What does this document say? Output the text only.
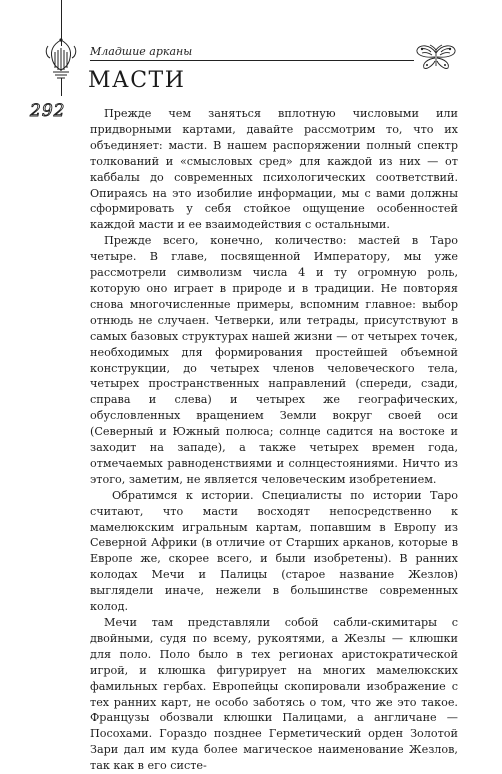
292
Младшие арканы
МАСТИ

Прежде чем заняться вплотную числовыми или придворными картами, давайте рассмотрим то, что их объединяет: масти. В нашем распоряжении полный спектр толкований и «смысловых сред» для каждой из них — от каббалы до современных психологических соответствий. Опираясь на это изобилие информации, мы с вами должны сформировать у себя стойкое ощущение особенностей каждой масти и ее взаимодействия с остальными.

Прежде всего, конечно, количество: мастей в Таро четыре. В главе, посвященной Императору, мы уже рассмотрели символизм числа 4 и ту огромную роль, которую оно играет в природе и в традиции. Не повторяя снова многочисленные примеры, вспомним главное: выбор отнюдь не случаен. Четверки, или тетрады, присутствуют в самых базовых структурах нашей жизни — от четырех точек, необходимых для формирования простейшей объемной конструкции, до четырех членов человеческого тела, четырех пространственных направлений (спереди, сзади, справа и слева) и четырех же географических, обусловленных вращением Земли вокруг своей оси (Северный и Южный полюса; солнце садится на востоке и заходит на западе), а также четырех времен года, отмечаемых равноденствиями и солнцестояниями. Ничто из этого, заметим, не является человеческим изобретением.

Обратимся к истории. Специалисты по истории Таро считают, что масти восходят непосредственно к мамелюкским игральным картам, попавшим в Европу из Северной Африки (в отличие от Старших арканов, которые в Европе же, скорее всего, и были изобретены). В ранних колодах Мечи и Палицы (старое название Жезлов) выглядели иначе, нежели в большинстве современных колод.

Мечи там представляли собой сабли-скимитары с двойными, судя по всему, рукоятями, а Жезлы — клюшки для поло. Поло было в тех регионах аристократической игрой, и клюшка фигурирует на многих мамелюкских фамильных гербах. Европейцы скопировали изображение с тех ранних карт, не особо заботясь о том, что же это такое. Французы обозвали клюшки Палицами, а англичане — Посохами. Гораздо позднее Герметический орден Золотой Зари дал им куда более магическое наименование Жезлов, так как в его систе-
